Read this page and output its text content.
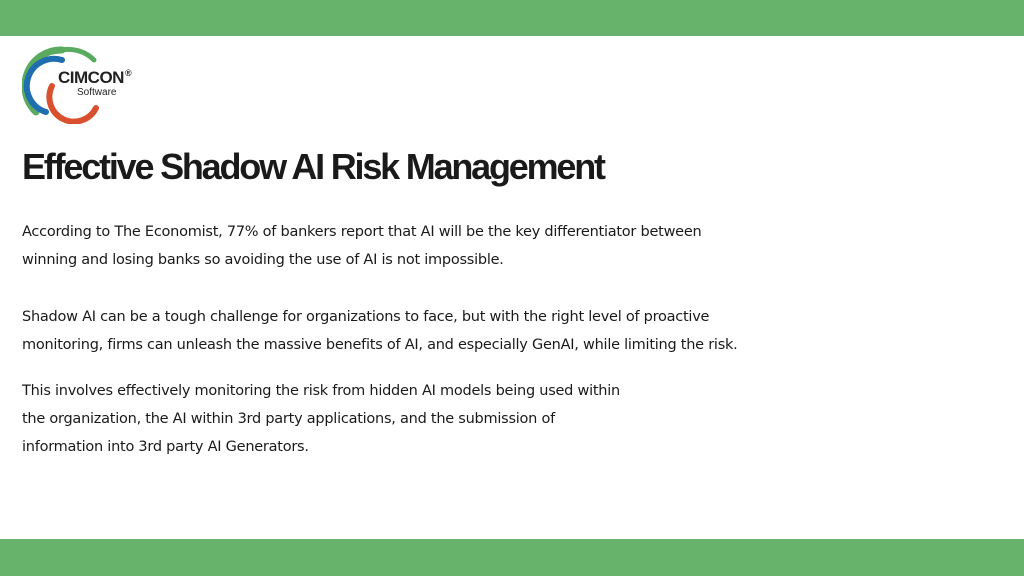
CIMCON®
Software
Effective Shadow AI Risk Management

According to The Economist, 77% of bankers report that AI will be the key differentiator between
winning and losing banks so avoiding the use of AI is not impossible.

Shadow AI can be a tough challenge for organizations to face, but with the right level of proactive
monitoring, firms can unleash the massive benefits of AI, and especially GenAI, while limiting the risk.

This involves effectively monitoring the risk from hidden AI models being used within
the organization, the AI within 3rd party applications, and the submission of
information into 3rd party AI Generators.
